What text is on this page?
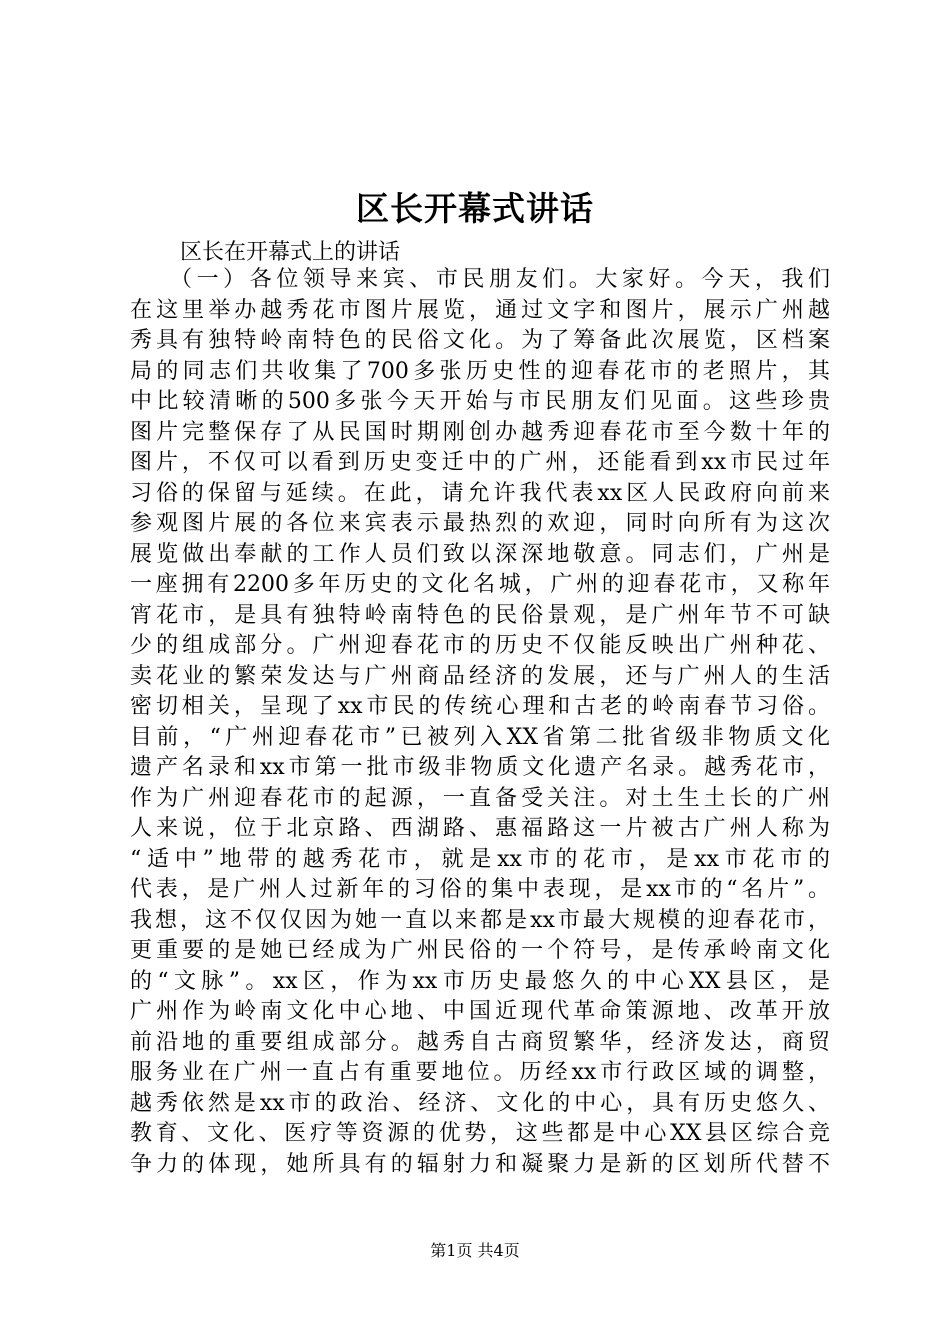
区长开幕式讲话
区长在开幕式上的讲话
（一）各位领导来宾、市民朋友们。大家好。今天，我们
在这里举办越秀花市图片展览，通过文字和图片，展示广州越
秀具有独特岭南特色的民俗文化。为了筹备此次展览，区档案
局的同志们共收集了700多张历史性的迎春花市的老照片，其
中比较清晰的500多张今天开始与市民朋友们见面。这些珍贵
图片完整保存了从民国时期刚创办越秀迎春花市至今数十年的
图片，不仅可以看到历史变迁中的广州，还能看到xx市民过年
习俗的保留与延续。在此，请允许我代表xx区人民政府向前来
参观图片展的各位来宾表示最热烈的欢迎，同时向所有为这次
展览做出奉献的工作人员们致以深深地敬意。同志们，广州是
一座拥有2200多年历史的文化名城，广州的迎春花市，又称年
宵花市，是具有独特岭南特色的民俗景观，是广州年节不可缺
少的组成部分。广州迎春花市的历史不仅能反映出广州种花、
卖花业的繁荣发达与广州商品经济的发展，还与广州人的生活
密切相关，呈现了xx市民的传统心理和古老的岭南春节习俗。
目前，“广州迎春花市”已被列入XX省第二批省级非物质文化
遗产名录和xx市第一批市级非物质文化遗产名录。越秀花市，
作为广州迎春花市的起源，一直备受关注。对土生土长的广州
人来说，位于北京路、西湖路、惠福路这一片被古广州人称为
“适中”地带的越秀花市，就是xx市的花市，是xx市花市的
代表，是广州人过新年的习俗的集中表现，是xx市的“名片”。
我想，这不仅仅因为她一直以来都是xx市最大规模的迎春花市，
更重要的是她已经成为广州民俗的一个符号，是传承岭南文化
的“文脉”。xx区，作为xx市历史最悠久的中心XX县区，是
广州作为岭南文化中心地、中国近现代革命策源地、改革开放
前沿地的重要组成部分。越秀自古商贸繁华，经济发达，商贸
服务业在广州一直占有重要地位。历经xx市行政区域的调整，
越秀依然是xx市的政治、经济、文化的中心，具有历史悠久、
教育、文化、医疗等资源的优势，这些都是中心XX县区综合竞
争力的体现，她所具有的辐射力和凝聚力是新的区划所代替不
第1页 共4页
